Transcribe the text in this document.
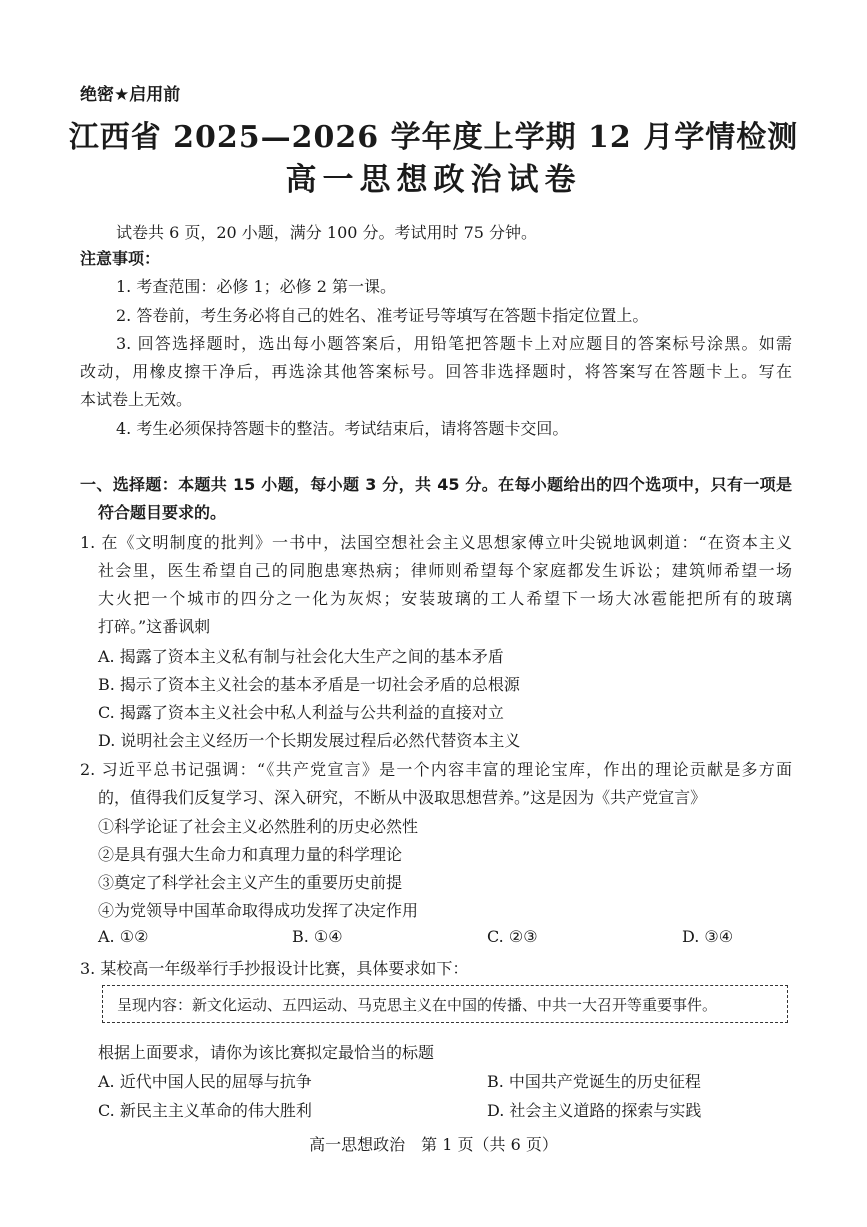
绝密★启用前
江西省 2025—2026 学年度上学期 12 月学情检测
高一思想政治试卷
试卷共 6 页，20 小题，满分 100 分。考试用时 75 分钟。
注意事项：
1. 考查范围：必修 1；必修 2 第一课。
2. 答卷前，考生务必将自己的姓名、准考证号等填写在答题卡指定位置上。
3. 回答选择题时，选出每小题答案后，用铅笔把答题卡上对应题目的答案标号涂黑。如需
改动，用橡皮擦干净后，再选涂其他答案标号。回答非选择题时，将答案写在答题卡上。写在
本试卷上无效。
4. 考生必须保持答题卡的整洁。考试结束后，请将答题卡交回。
一、选择题：本题共 15 小题，每小题 3 分，共 45 分。在每小题给出的四个选项中，只有一项是
符合题目要求的。
1. 在《文明制度的批判》一书中，法国空想社会主义思想家傅立叶尖锐地讽刺道：“在资本主义
社会里，医生希望自己的同胞患寒热病；律师则希望每个家庭都发生诉讼；建筑师希望一场
大火把一个城市的四分之一化为灰烬；安装玻璃的工人希望下一场大冰雹能把所有的玻璃
打碎。”这番讽刺
A. 揭露了资本主义私有制与社会化大生产之间的基本矛盾
B. 揭示了资本主义社会的基本矛盾是一切社会矛盾的总根源
C. 揭露了资本主义社会中私人利益与公共利益的直接对立
D. 说明社会主义经历一个长期发展过程后必然代替资本主义
2. 习近平总书记强调：“《共产党宣言》是一个内容丰富的理论宝库，作出的理论贡献是多方面
的，值得我们反复学习、深入研究，不断从中汲取思想营养。”这是因为《共产党宣言》
①科学论证了社会主义必然胜利的历史必然性
②是具有强大生命力和真理力量的科学理论
③奠定了科学社会主义产生的重要历史前提
④为党领导中国革命取得成功发挥了决定作用
A. ①②	B. ①④	C. ②③	D. ③④
3. 某校高一年级举行手抄报设计比赛，具体要求如下：
呈现内容：新文化运动、五四运动、马克思主义在中国的传播、中共一大召开等重要事件。
根据上面要求，请你为该比赛拟定最恰当的标题
A. 近代中国人民的屈辱与抗争	B. 中国共产党诞生的历史征程
C. 新民主主义革命的伟大胜利	D. 社会主义道路的探索与实践
高一思想政治　第 1 页（共 6 页）
